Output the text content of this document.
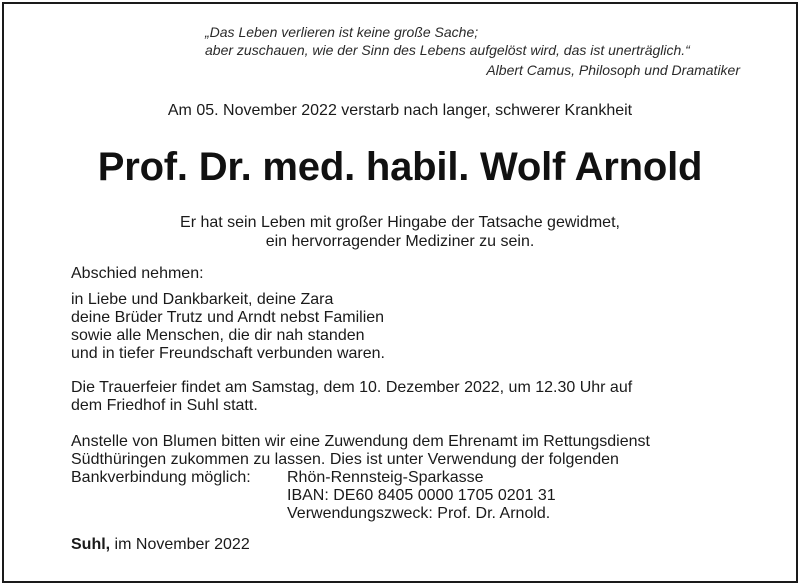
„Das Leben verlieren ist keine große Sache;
aber zuschauen, wie der Sinn des Lebens aufgelöst wird, das ist unerträglich.“
Albert Camus, Philosoph und Dramatiker
Am 05. November 2022 verstarb nach langer, schwerer Krankheit
Prof. Dr. med. habil. Wolf Arnold
Er hat sein Leben mit großer Hingabe der Tatsache gewidmet,
ein hervorragender Mediziner zu sein.
Abschied nehmen:
in Liebe und Dankbarkeit, deine Zara
deine Brüder Trutz und Arndt nebst Familien
sowie alle Menschen, die dir nah standen
und in tiefer Freundschaft verbunden waren.
Die Trauerfeier findet am Samstag, dem 10. Dezember 2022, um 12.30 Uhr auf
dem Friedhof in Suhl statt.
Anstelle von Blumen bitten wir eine Zuwendung dem Ehrenamt im Rettungsdienst
Südthüringen zukommen zu lassen. Dies ist unter Verwendung der folgenden
Bankverbindung möglich: Rhön-Rennsteig-Sparkasse
IBAN: DE60 8405 0000 1705 0201 31
Verwendungszweck: Prof. Dr. Arnold.
Suhl, im November 2022
